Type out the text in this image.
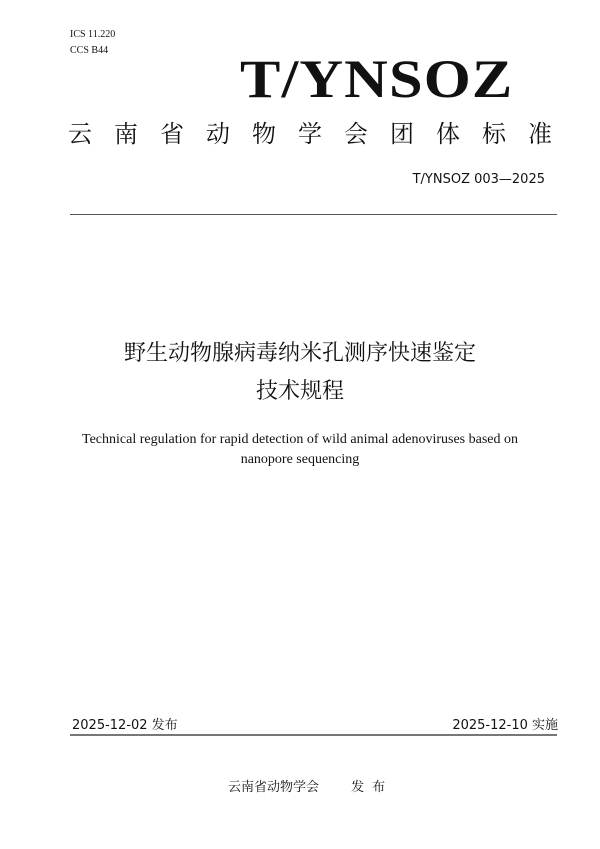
ICS 11.220
CCS B44 T/YNSOZ
云 南 省 动 物 学 会 团 体 标 准
T/YNSOZ 003—2025
野生动物腺病毒纳米孔测序快速鉴定
技术规程
Technical regulation for rapid detection of wild animal adenoviruses based on
nanopore sequencing
2025-12-02 发布	2025-12-10 实施
云南省动物学会 发布
